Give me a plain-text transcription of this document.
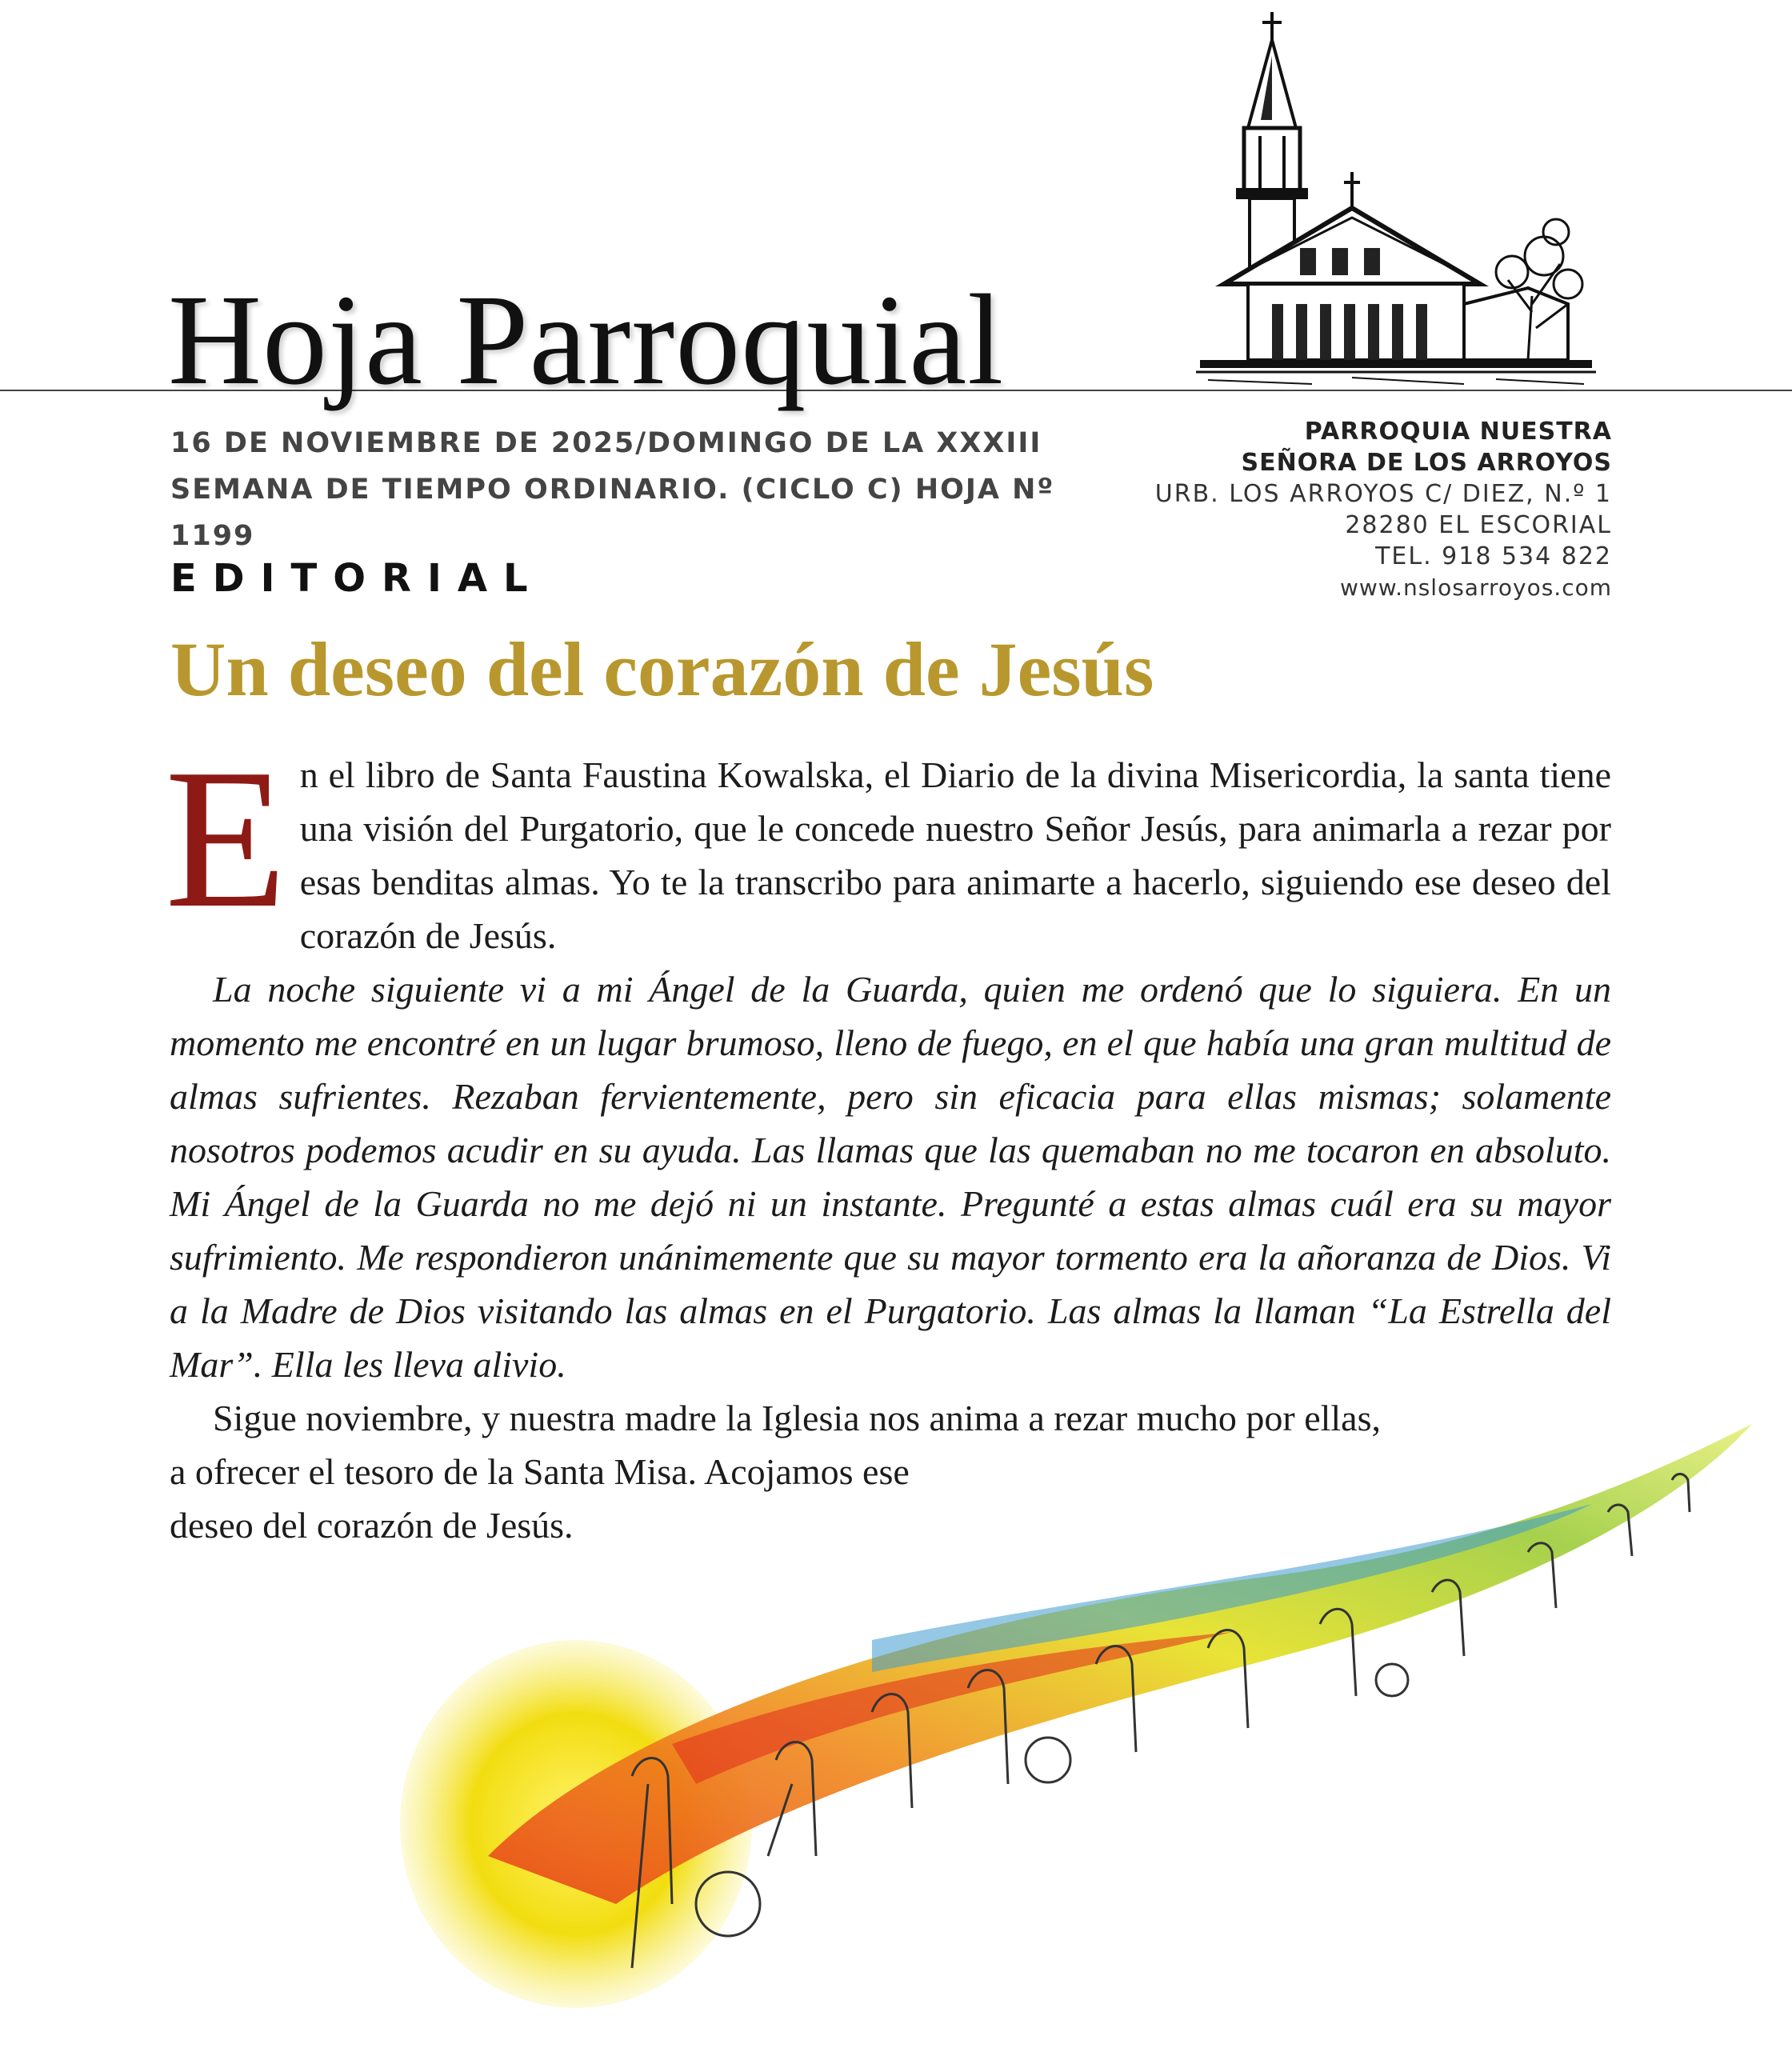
Hoja Parroquial
16 DE NOVIEMBRE DE 2025/DOMINGO DE LA XXXIII
SEMANA DE TIEMPO ORDINARIO. (CICLO C) HOJA Nº 1199
PARROQUIA NUESTRA
SEÑORA DE LOS ARROYOS
URB. LOS ARROYOS C/ DIEZ, N.º 1
28280 EL ESCORIAL
TEL. 918 534 822
www.nslosarroyos.com
EDITORIAL
Un deseo del corazón de Jesús

En el libro de Santa Faustina Kowalska, el Diario de la divina Misericordia, la santa tiene una visión del Purgatorio, que le concede nuestro Señor Jesús, para animarla a rezar por esas benditas almas. Yo te la transcribo para animarte a hacerlo, siguiendo ese deseo del corazón de Jesús.

La noche siguiente vi a mi Ángel de la Guarda, quien me ordenó que lo siguiera. En un momento me encontré en un lugar brumoso, lleno de fuego, en el que había una gran multitud de almas sufrientes. Rezaban fervientemente, pero sin eficacia para ellas mismas; solamente nosotros podemos acudir en su ayuda. Las llamas que las quemaban no me tocaron en absoluto. Mi Ángel de la Guarda no me dejó ni un instante. Pregunté a estas almas cuál era su mayor sufrimiento. Me respondieron unánimemente que su mayor tormento era la añoranza de Dios. Vi a la Madre de Dios visitando las almas en el Purgatorio. Las almas la llaman “La Estrella del Mar”. Ella les lleva alivio.

Sigue noviembre, y nuestra madre la Iglesia nos anima a rezar mucho por ellas,
a ofrecer el tesoro de la Santa Misa. Acojamos ese
deseo del corazón de Jesús.
